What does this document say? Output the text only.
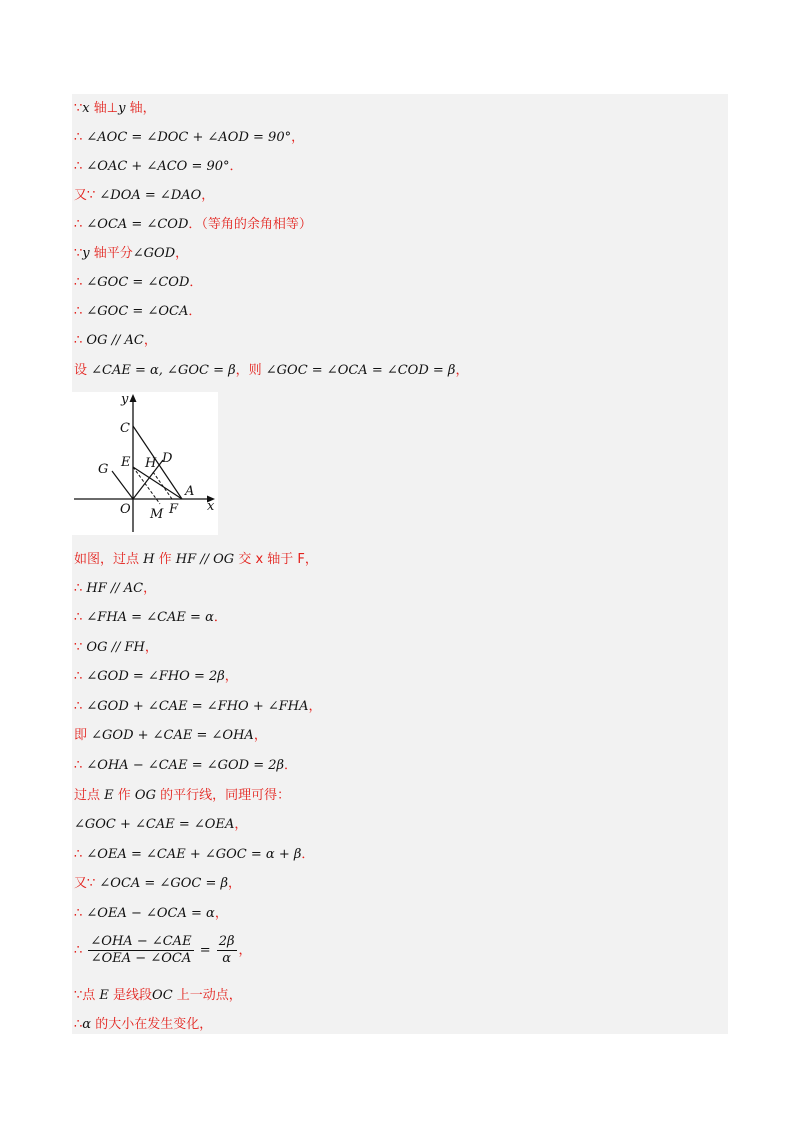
∵x 轴⊥y 轴，
∴ ∠AOC = ∠DOC + ∠AOD = 90°，
∴ ∠OAC + ∠ACO = 90°．
又∵ ∠DOA = ∠DAO，
∴ ∠OCA = ∠COD．（等角的余角相等）
∵y 轴平分∠GOD，
∴ ∠GOC = ∠COD．
∴ ∠GOC = ∠OCA．
∴ OG // AC，
设 ∠CAE = α, ∠GOC = β，则 ∠GOC = ∠OCA = ∠COD = β，
y
C
D
E H
G
A
O	F
M
x
如图，过点 H 作 HF // OG 交 x 轴于 F，
∴ HF // AC，
∴ ∠FHA = ∠CAE = α．
∵ OG // FH，
∴ ∠GOD = ∠FHO = 2β，
∴ ∠GOD + ∠CAE = ∠FHO + ∠FHA，
即 ∠GOD + ∠CAE = ∠OHA，
∴ ∠OHA − ∠CAE = ∠GOD = 2β．
过点 E 作 OG 的平行线，同理可得：
∠GOC + ∠CAE = ∠OEA，
∴ ∠OEA = ∠CAE + ∠GOC = α + β．
又∵ ∠OCA = ∠GOC = β，
∴ ∠OEA − ∠OCA = α，
∴ $\frac{\text{∠OHA − ∠CAE}}{\text{∠OEA − ∠OCA}} = \frac{2\beta}{\alpha}$ ，
∵点 E 是线段OC 上一动点，
∴α 的大小在发生变化，
